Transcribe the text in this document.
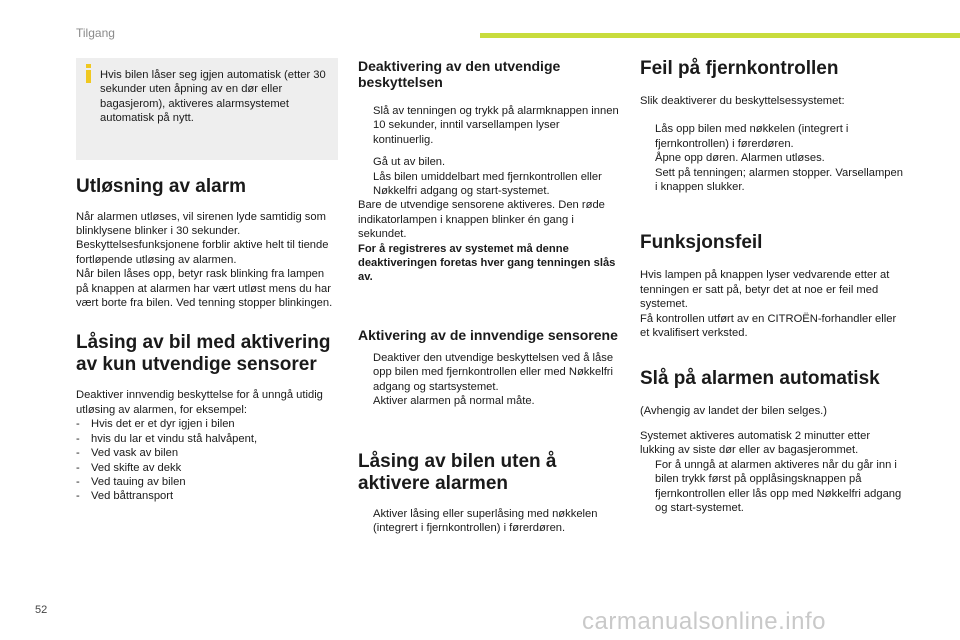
Tilgang

Hvis bilen låser seg igjen automatisk (etter 30 sekunder uten åpning av en dør eller bagasjerom), aktiveres alarmsystemet automatisk på nytt.

Utløsning av alarm

Når alarmen utløses, vil sirenen lyde samtidig som blinklysene blinker i 30 sekunder.

Beskyttelsesfunksjonene forblir aktive helt til tiende fortløpende utløsing av alarmen.

Når bilen låses opp, betyr rask blinking fra lampen på knappen at alarmen har vært utløst mens du har vært borte fra bilen. Ved tenning stopper blinkingen.

Låsing av bil med aktivering av kun utvendige sensorer

Deaktiver innvendig beskyttelse for å unngå utidig utløsing av alarmen, for eksempel:

-	Hvis det er et dyr igjen i bilen
-	hvis du lar et vindu stå halvåpent,
-	Ved vask av bilen
-	Ved skifte av dekk
-	Ved tauing av bilen
-	Ved båttransport
Deaktivering av den utvendige beskyttelsen
Slå av tenningen og trykk på alarmknappen innen 10 sekunder, inntil varsellampen lyser kontinuerlig.
Gå ut av bilen.
Lås bilen umiddelbart med fjernkontrollen eller Nøkkelfri adgang og start-systemet.

Bare de utvendige sensorene aktiveres. Den røde indikatorlampen i knappen blinker én gang i sekundet.

For å registreres av systemet må denne deaktiveringen foretas hver gang tenningen slås av.

Aktivering av de innvendige sensorene
Deaktiver den utvendige beskyttelsen ved å låse opp bilen med fjernkontrollen eller med Nøkkelfri adgang og startsystemet.
Aktiver alarmen på normal måte.
Låsing av bilen uten å aktivere alarmen
Aktiver låsing eller superlåsing med nøkkelen (integrert i fjernkontrollen) i førerdøren.
Feil på fjernkontrollen

Slik deaktiverer du beskyttelsessystemet:

Lås opp bilen med nøkkelen (integrert i fjernkontrollen) i førerdøren.
Åpne opp døren. Alarmen utløses.
Sett på tenningen; alarmen stopper. Varsellampen i knappen slukker.
Funksjonsfeil

Hvis lampen på knappen lyser vedvarende etter at tenningen er satt på, betyr det at noe er feil med systemet.

Få kontrollen utført av en CITROËN-forhandler eller et kvalifisert verksted.

Slå på alarmen automatisk

(Avhengig av landet der bilen selges.)

Systemet aktiveres automatisk 2 minutter etter lukking av siste dør eller av bagasjerommet.

For å unngå at alarmen aktiveres når du går inn i bilen trykk først på opplåsingsknappen på fjernkontrollen eller lås opp med Nøkkelfri adgang og start-systemet.
52	carmanualsonline.info
